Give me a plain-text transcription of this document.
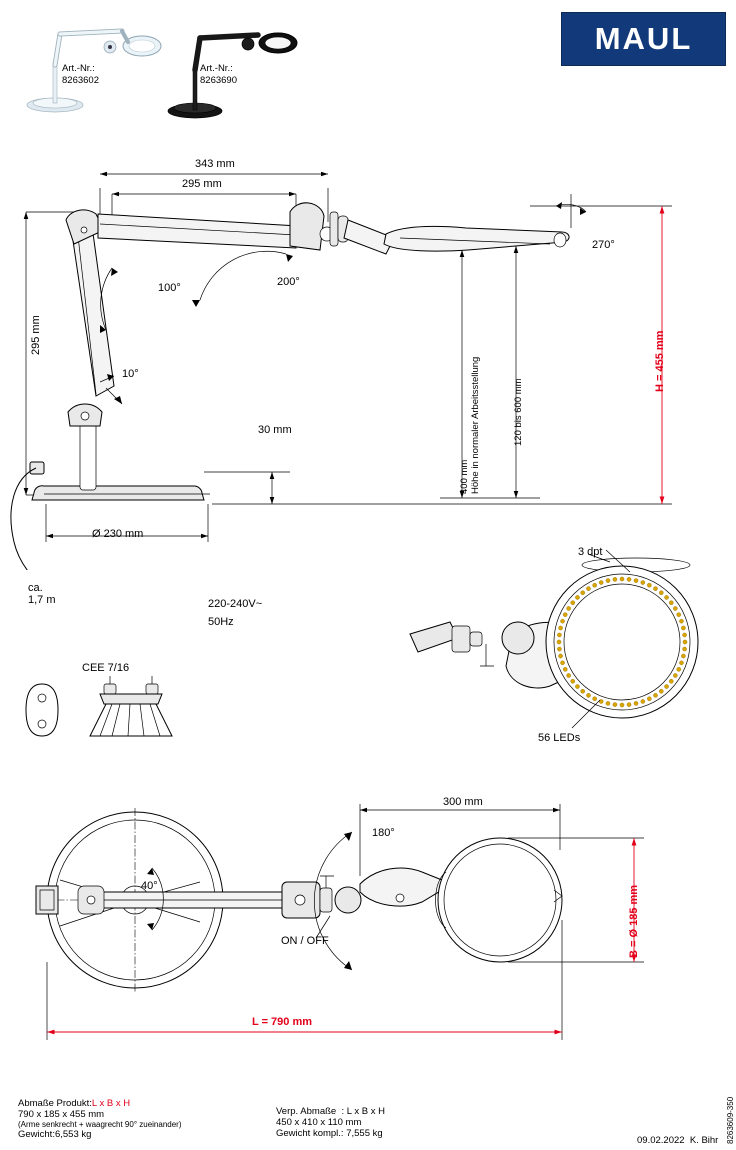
MAUL
Art.-Nr.:
8263602
Art.-Nr.:
8263690
343 mm
295 mm
295 mm
100°	200°
10°
270°
30 mm
Ø 230 mm
H = 455 mm
400 mm Höhe in normaler Arbeitsstellung	120 bis 600 mm
ca.
1,7 m	220-240V~
50Hz
CEE 7/16
3 dpt
56 LEDs
300 mm
180°
40°
ON / OFF	B = Ø 185 mm
L = 790 mm
Abmaße Produkt:L x B x H
790 x 185 x 455 mm
(Arme senkrecht + waagrecht 90° zueinander)
Gewicht:6,553 kg
Verp. Abmaße  : L x B x H
450 x 410 x 110 mm
Gewicht kompl.: 7,555 kg
09.02.2022  K. Bihr 8263609-350
